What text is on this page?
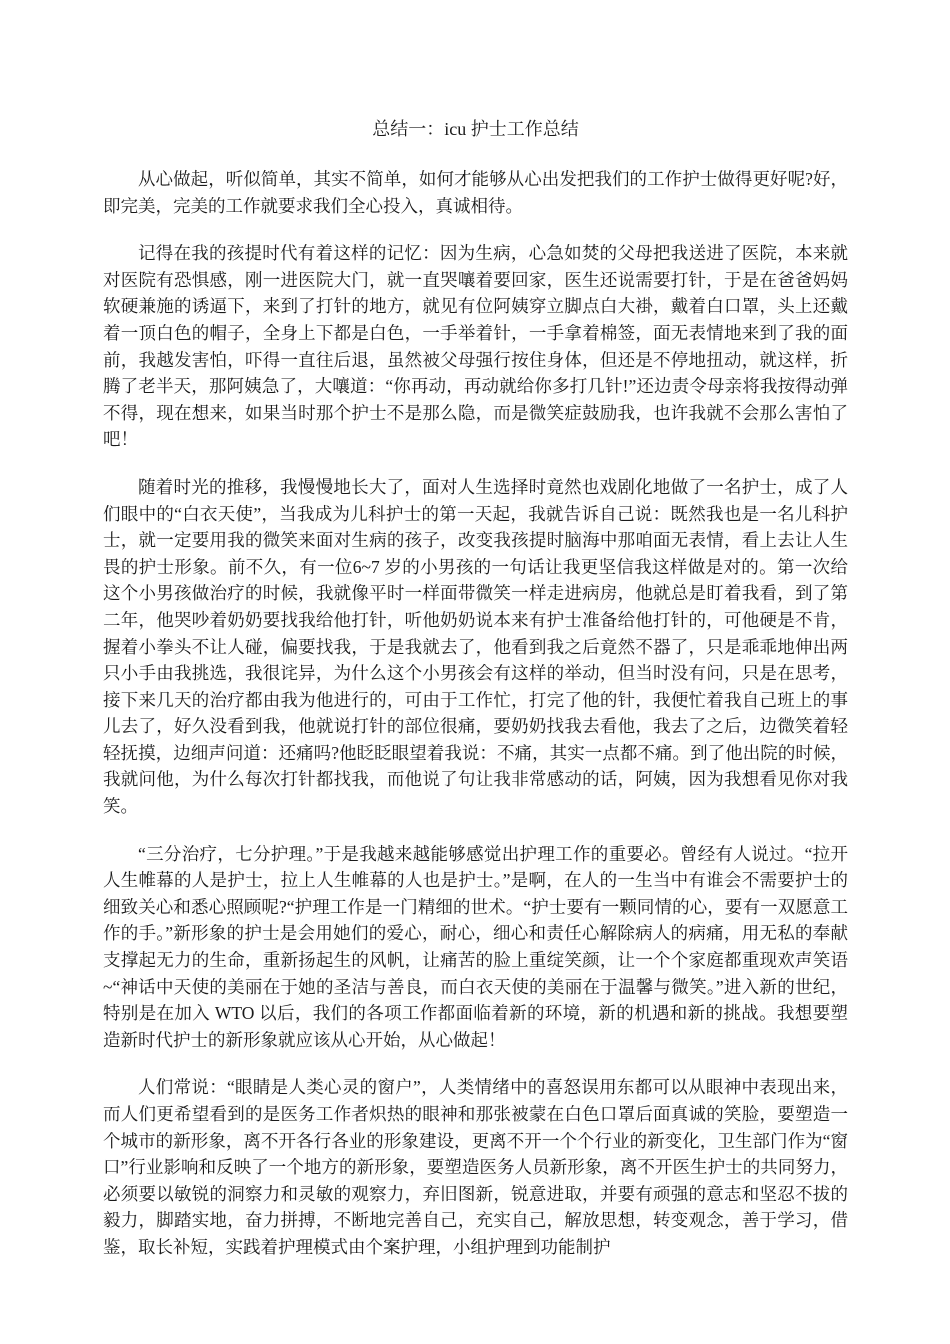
总结一：icu 护士工作总结

从心做起，听似简单，其实不简单，如何才能够从心出发把我们的工作护士做得更好呢?好，即完美，完美的工作就要求我们全心投入，真诚相待。

记得在我的孩提时代有着这样的记忆：因为生病，心急如焚的父母把我送进了医院，本来就对医院有恐惧感，刚一进医院大门，就一直哭嚷着要回家，医生还说需要打针，于是在爸爸妈妈软硬兼施的诱逼下，来到了打针的地方，就见有位阿姨穿立脚点白大褂，戴着白口罩，头上还戴着一顶白色的帽子，全身上下都是白色，一手举着针，一手拿着棉签，面无表情地来到了我的面前，我越发害怕，吓得一直往后退，虽然被父母强行按住身体，但还是不停地扭动，就这样，折腾了老半天，那阿姨急了，大嚷道：“你再动，再动就给你多打几针!”还边责令母亲将我按得动弹不得，现在想来，如果当时那个护士不是那么隐，而是微笑症鼓励我，也许我就不会那么害怕了吧！

随着时光的推移，我慢慢地长大了，面对人生选择时竟然也戏剧化地做了一名护士，成了人们眼中的“白衣天使”，当我成为儿科护士的第一天起，我就告诉自己说：既然我也是一名儿科护士，就一定要用我的微笑来面对生病的孩子，改变我孩提时脑海中那咱面无表情，看上去让人生畏的护士形象。前不久，有一位6~7 岁的小男孩的一句话让我更坚信我这样做是对的。第一次给这个小男孩做治疗的时候，我就像平时一样面带微笑一样走进病房，他就总是盯着我看，到了第二年，他哭吵着奶奶要找我给他打针，听他奶奶说本来有护士准备给他打针的，可他硬是不肯，握着小拳头不让人碰，偏要找我，于是我就去了，他看到我之后竟然不器了，只是乖乖地伸出两只小手由我挑选，我很诧异，为什么这个小男孩会有这样的举动，但当时没有问，只是在思考，接下来几天的治疗都由我为他进行的，可由于工作忙，打完了他的针，我便忙着我自己班上的事儿去了，好久没看到我，他就说打针的部位很痛，要奶奶找我去看他，我去了之后，边微笑着轻轻抚摸，边细声问道：还痛吗?他眨眨眼望着我说：不痛，其实一点都不痛。到了他出院的时候，我就问他，为什么每次打针都找我，而他说了句让我非常感动的话，阿姨，因为我想看见你对我笑。

“三分治疗，七分护理。”于是我越来越能够感觉出护理工作的重要必。曾经有人说过。“拉开人生帷幕的人是护士，拉上人生帷幕的人也是护士。”是啊，在人的一生当中有谁会不需要护士的细致关心和悉心照顾呢?“护理工作是一门精细的世术。“护士要有一颗同情的心，要有一双愿意工作的手。”新形象的护士是会用她们的爱心，耐心，细心和责任心解除病人的病痛，用无私的奉献支撑起无力的生命，重新扬起生的风帆，让痛苦的脸上重绽笑颜，让一个个家庭都重现欢声笑语~“神话中天使的美丽在于她的圣洁与善良，而白衣天使的美丽在于温馨与微笑。”进入新的世纪，特别是在加入 WTO 以后，我们的各项工作都面临着新的环境，新的机遇和新的挑战。我想要塑造新时代护士的新形象就应该从心开始，从心做起！

人们常说：“眼睛是人类心灵的窗户”，人类情绪中的喜怒误用东都可以从眼神中表现出来，而人们更希望看到的是医务工作者炽热的眼神和那张被蒙在白色口罩后面真诚的笑脸，要塑造一个城市的新形象，离不开各行各业的形象建设，更离不开一个个行业的新变化，卫生部门作为“窗口”行业影响和反映了一个地方的新形象，要塑造医务人员新形象，离不开医生护士的共同努力，必须要以敏锐的洞察力和灵敏的观察力，弃旧图新，锐意进取，并要有顽强的意志和坚忍不拔的毅力，脚踏实地，奋力拼搏，不断地完善自己，充实自己，解放思想，转变观念，善于学习，借鉴，取长补短，实践着护理模式由个案护理，小组护理到功能制护
